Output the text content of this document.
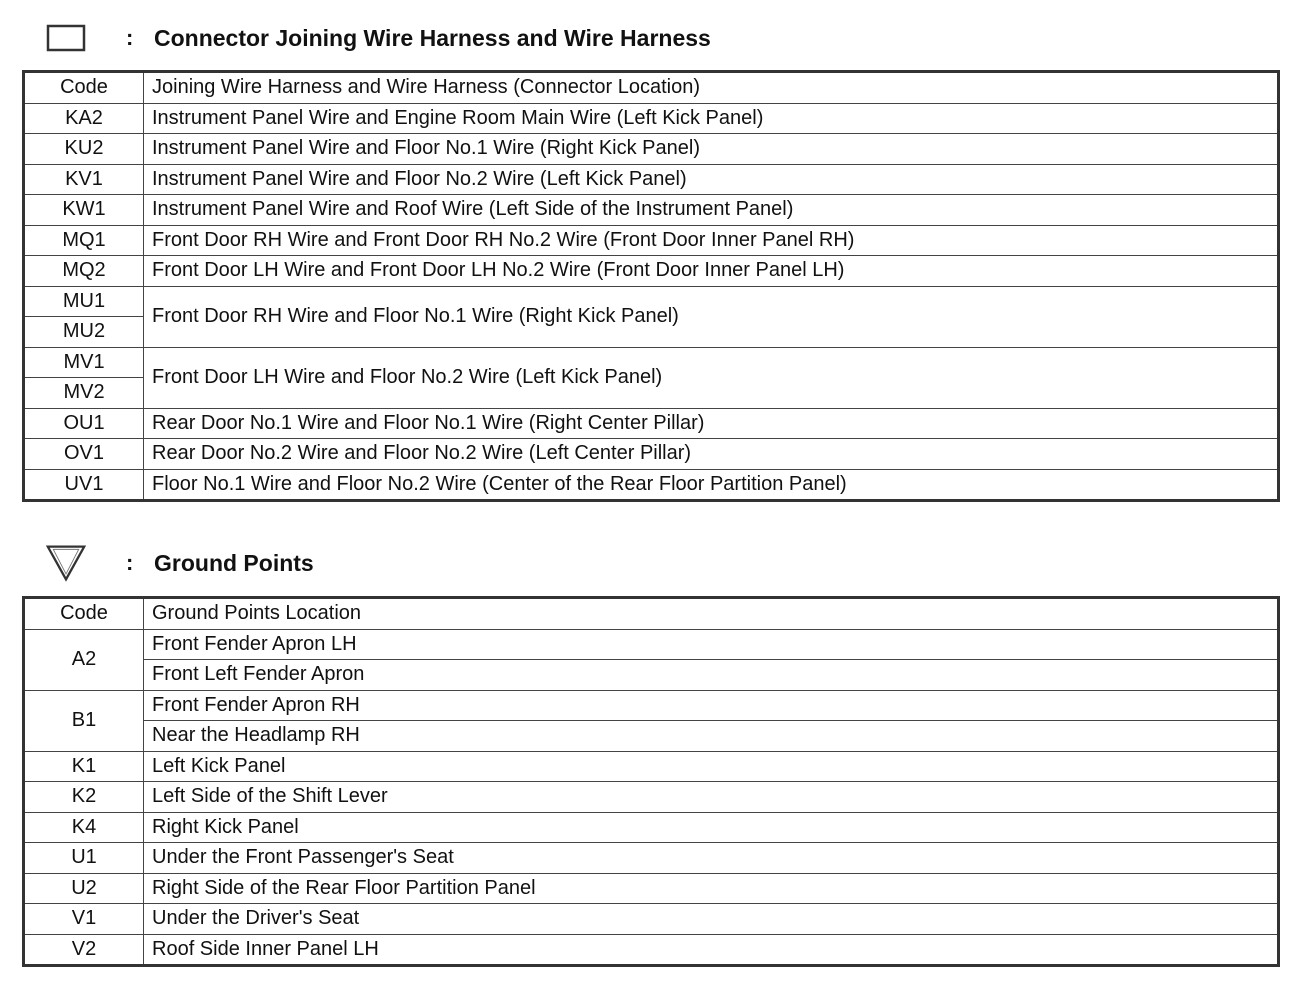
: Connector Joining Wire Harness and Wire Harness
Code	Joining Wire Harness and Wire Harness (Connector Location)
KA2	Instrument Panel Wire and Engine Room Main Wire (Left Kick Panel)
KU2	Instrument Panel Wire and Floor No.1 Wire (Right Kick Panel)
KV1	Instrument Panel Wire and Floor No.2 Wire (Left Kick Panel)
KW1	Instrument Panel Wire and Roof Wire (Left Side of the Instrument Panel)
MQ1	Front Door RH Wire and Front Door RH No.2 Wire (Front Door Inner Panel RH)
MQ2	Front Door LH Wire and Front Door LH No.2 Wire (Front Door Inner Panel LH)
MU1	Front Door RH Wire and Floor No.1 Wire (Right Kick Panel)
MU2	
MV1	Front Door LH Wire and Floor No.2 Wire (Left Kick Panel)
MV2	
OU1	Rear Door No.1 Wire and Floor No.1 Wire (Right Center Pillar)
OV1	Rear Door No.2 Wire and Floor No.2 Wire (Left Center Pillar)
UV1	Floor No.1 Wire and Floor No.2 Wire (Center of the Rear Floor Partition Panel)
: Ground Points
Code	Ground Points Location
A2	Front Fender Apron LH
	Front Left Fender Apron
B1	Front Fender Apron RH
	Near the Headlamp RH
K1	Left Kick Panel
K2	Left Side of the Shift Lever
K4	Right Kick Panel
U1	Under the Front Passenger's Seat
U2	Right Side of the Rear Floor Partition Panel
V1	Under the Driver's Seat
V2	Roof Side Inner Panel LH
